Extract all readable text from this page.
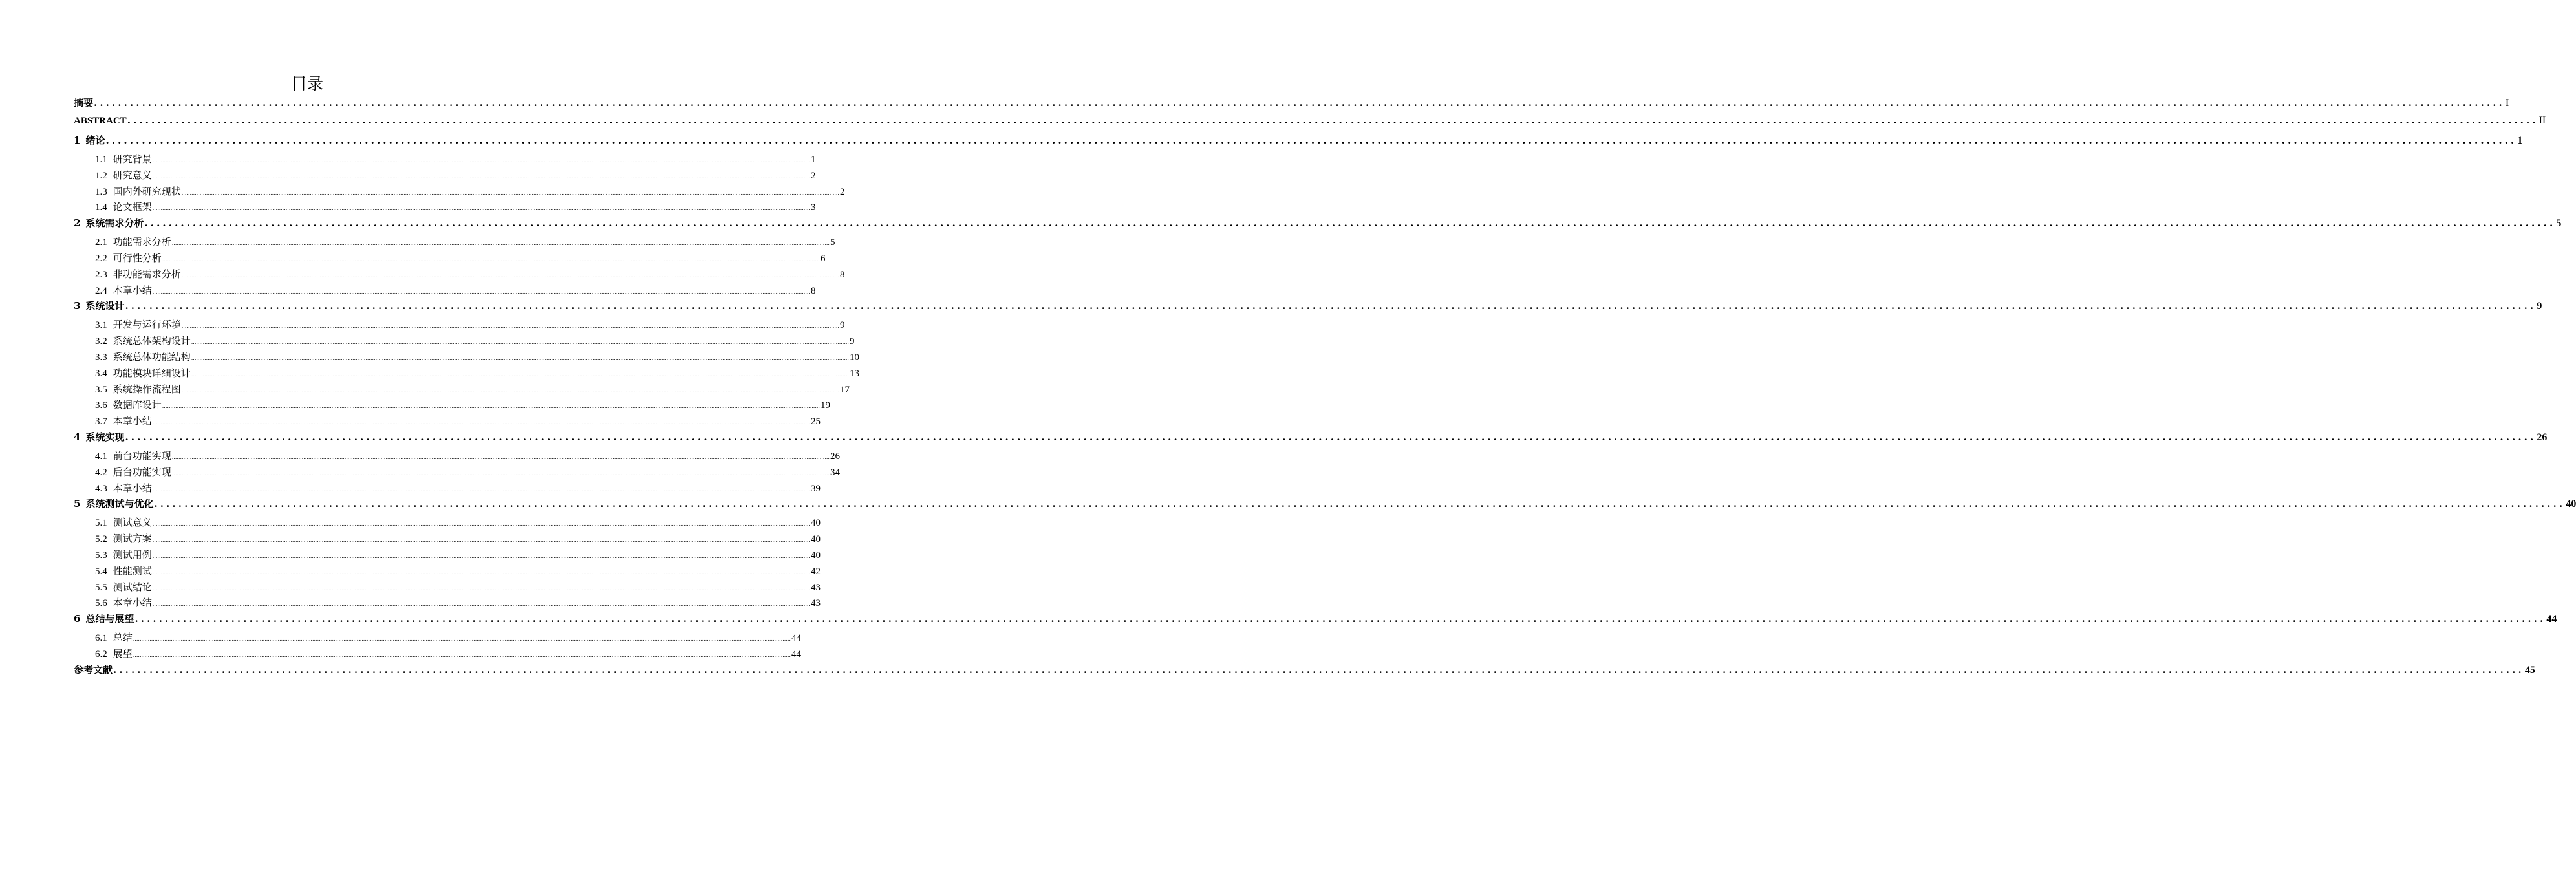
目录
摘要 ................................................................................................................................................................................................................................................................................................................................................................................................................ I
ABSTRACT ................................................................................................................................................................................................................................................................................................................................................................................................................ II
1 绪论 ................................................................................................................................................................................................................................................................................................................................................................................................................ 1
1.1 研究背景 ................................................................................................................................................................................................................................................................................................................................................................................................................ 1
1.2 研究意义 ................................................................................................................................................................................................................................................................................................................................................................................................................ 2
1.3 国内外研究现状 ................................................................................................................................................................................................................................................................................................................................................................................................................ 2
1.4 论文框架 ................................................................................................................................................................................................................................................................................................................................................................................................................ 3
2 系统需求分析 ................................................................................................................................................................................................................................................................................................................................................................................................................ 5
2.1 功能需求分析 ................................................................................................................................................................................................................................................................................................................................................................................................................ 5
2.2 可行性分析 ................................................................................................................................................................................................................................................................................................................................................................................................................ 6
2.3 非功能需求分析 ................................................................................................................................................................................................................................................................................................................................................................................................................ 8
2.4 本章小结 ................................................................................................................................................................................................................................................................................................................................................................................................................ 8
3 系统设计 ................................................................................................................................................................................................................................................................................................................................................................................................................ 9
3.1 开发与运行环境 ................................................................................................................................................................................................................................................................................................................................................................................................................ 9
3.2 系统总体架构设计 ................................................................................................................................................................................................................................................................................................................................................................................................................ 9
3.3 系统总体功能结构 ................................................................................................................................................................................................................................................................................................................................................................................................................ 10
3.4 功能模块详细设计 ................................................................................................................................................................................................................................................................................................................................................................................................................ 13
3.5 系统操作流程图 ................................................................................................................................................................................................................................................................................................................................................................................................................ 17
3.6 数据库设计 ................................................................................................................................................................................................................................................................................................................................................................................................................ 19
3.7 本章小结 ................................................................................................................................................................................................................................................................................................................................................................................................................ 25
4 系统实现 ................................................................................................................................................................................................................................................................................................................................................................................................................ 26
4.1 前台功能实现 ................................................................................................................................................................................................................................................................................................................................................................................................................ 26
4.2 后台功能实现 ................................................................................................................................................................................................................................................................................................................................................................................................................ 34
4.3 本章小结 ................................................................................................................................................................................................................................................................................................................................................................................................................ 39
5 系统测试与优化 ................................................................................................................................................................................................................................................................................................................................................................................................................ 40
5.1 测试意义 ................................................................................................................................................................................................................................................................................................................................................................................................................ 40
5.2 测试方案 ................................................................................................................................................................................................................................................................................................................................................................................................................ 40
5.3 测试用例 ................................................................................................................................................................................................................................................................................................................................................................................................................ 40
5.4 性能测试 ................................................................................................................................................................................................................................................................................................................................................................................................................ 42
5.5 测试结论 ................................................................................................................................................................................................................................................................................................................................................................................................................ 43
5.6 本章小结 ................................................................................................................................................................................................................................................................................................................................................................................................................ 43
6 总结与展望 ................................................................................................................................................................................................................................................................................................................................................................................................................ 44
6.1 总结 ................................................................................................................................................................................................................................................................................................................................................................................................................ 44
6.2 展望 ................................................................................................................................................................................................................................................................................................................................................................................................................ 44
参考文献 ................................................................................................................................................................................................................................................................................................................................................................................................................ 45
